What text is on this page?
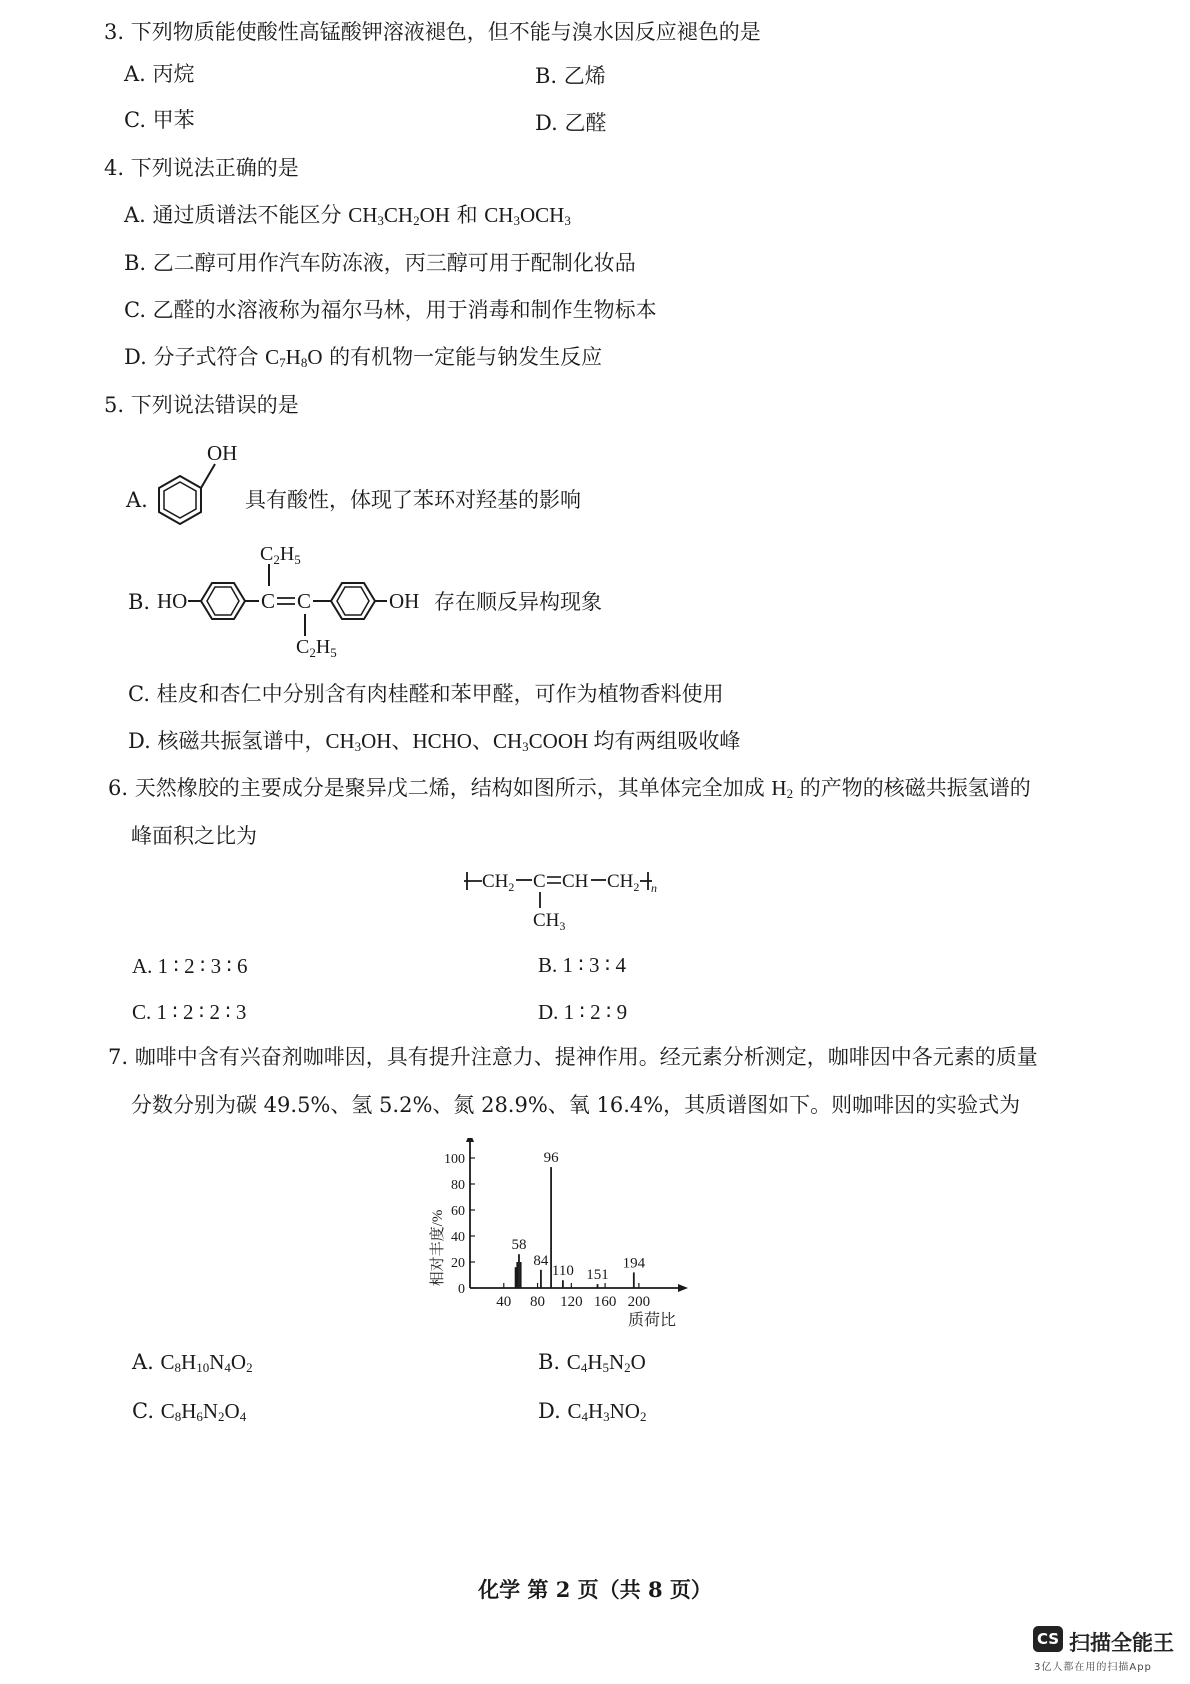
3. 下列物质能使酸性高锰酸钾溶液褪色，但不能与溴水因反应褪色的是
A. 丙烷	B. 乙烯
C. 甲苯	D. 乙醛
4. 下列说法正确的是
A. 通过质谱法不能区分 $CH_3CH_2OH$ 和 $CH_3OCH_3$
B. 乙二醇可用作汽车防冻液，丙三醇可用于配制化妆品
C. 乙醛的水溶液称为福尔马林，用于消毒和制作生物标本
D. 分子式符合 $C_7H_8O$ 的有机物一定能与钠发生反应
5. 下列说法错误的是
A.
OH
具有酸性，体现了苯环对羟基的影响
B. HO	C C
$C_2H_5$
$C_2H_5$
OH 存在顺反异构现象
C. 桂皮和杏仁中分别含有肉桂醛和苯甲醛，可作为植物香料使用
D. 核磁共振氢谱中，$CH_3OH$、HCHO、$CH_3COOH$ 均有两组吸收峰
6. 天然橡胶的主要成分是聚异戊二烯，结构如图所示，其单体完全加成 $H_2$ 的产物的核磁共振氢谱的
峰面积之比为
$CH_2$ C CH $CH_2$ n
$CH_3$
A. 1 ∶ 2 ∶ 3 ∶ 6	B. 1 ∶ 3 ∶ 4
C. 1 ∶ 2 ∶ 2 ∶ 3	D. 1 ∶ 2 ∶ 9
7. 咖啡中含有兴奋剂咖啡因，具有提升注意力、提神作用。经元素分析测定，咖啡因中各元素的质量
分数分别为碳 49.5%、氢 5.2%、氮 28.9%、氧 16.4%，其质谱图如下。则咖啡因的实验式为
相对丰度/%
质荷比
0
20
40
60
80
100
40 80 120 160 200
58
84
96
110 151
194
A. $C_8H_{10}N_4O_2$	B. $C_4H_5N_2O$
C. $C_8H_6N_2O_4$	D. $C_4H_3NO_2$
化学 第 2 页（共 8 页）
CS 扫描全能王
3亿人都在用的扫描App
